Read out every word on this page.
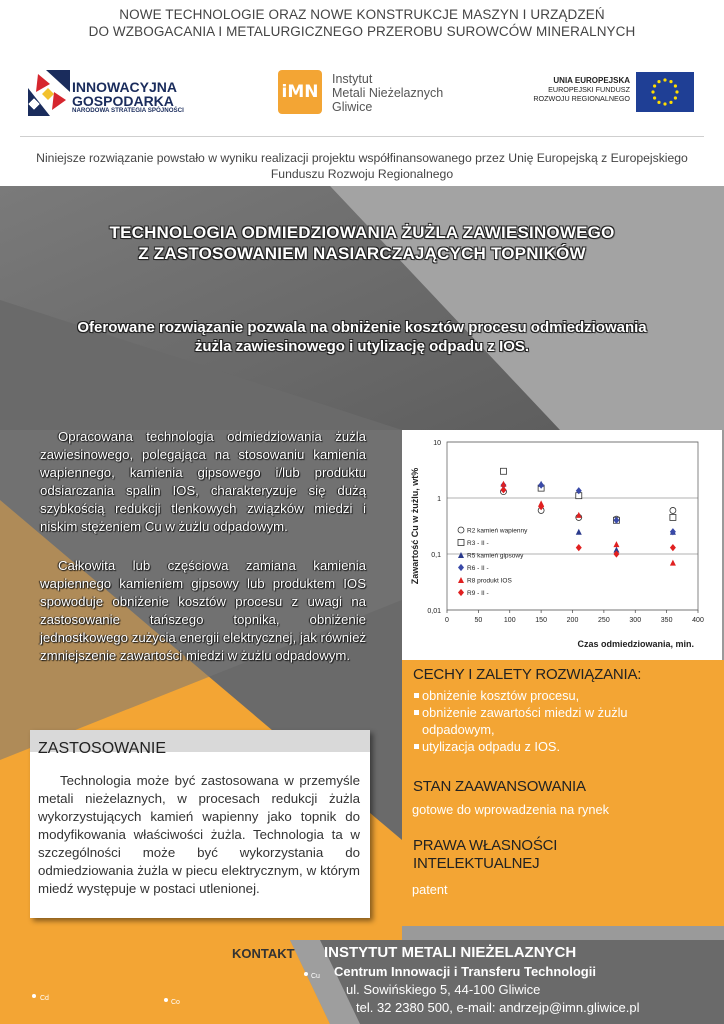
NOWE TECHNOLOGIE ORAZ NOWE KONSTRUKCJE MASZYN I URZĄDZEŃ
DO WZBOGACANIA I METALURGICZNEGO PRZEROBU SUROWCÓW MINERALNYCH
INNOWACYJNA
GOSPODARKA
NARODOWA STRATEGIA SPÓJNOŚCI
iMN
Instytut
Metali Nieżelaznych
Gliwice
UNIA EUROPEJSKA
EUROPEJSKI FUNDUSZ
ROZWOJU REGIONALNEGO
Niniejsze rozwiązanie powstało w wyniku realizacji projektu współfinansowanego przez Unię Europejską z Europejskiego
Funduszu Rozwoju Regionalnego
TECHNOLOGIA ODMIEDZIOWANIA ŻUŻLA ZAWIESINOWEGO
Z ZASTOSOWANIEM NASIARCZAJĄCYCH TOPNIKÓW
Oferowane rozwiązanie pozwala na obniżenie kosztów procesu odmiedziowania
żużla zawiesinowego i utylizację odpadu z IOS.
Opracowana technologia odmiedziowania żużla zawiesinowego, polegająca na stosowaniu kamienia wapiennego, kamienia gipsowego i/lub produktu odsiarczania spalin IOS, charakteryzuje się dużą szybkością redukcji tlenkowych związków miedzi i niskim stężeniem Cu w żużlu odpadowym.
Całkowita lub częściowa zamiana kamienia wapiennego kamieniem gipsowy lub produktem IOS spowoduje obniżenie kosztów procesu z uwagi na zastosowanie tańszego topnika, obniżenie jednostkowego zużycia energii elektrycznej, jak również zmniejszenie zawartości miedzi w żużlu odpadowym.
0,01
0,1
1
10
0	50	100	150	200	250	300	350	400
Czas odmiedziowania, min.
Zawartość Cu w żużlu, wt%	R2 kamień wapienny
R3 - II -
R5 kamień gipsowy
R6 - II -
R8 produkt IOS
R9 - II -
CECHY I ZALETY ROZWIĄZANIA:
obniżenie kosztów procesu,
obniżenie zawartości miedzi w żużlu
odpadowym,
utylizacja odpadu z IOS.
STAN ZAAWANSOWANIA
gotowe do wprowadzenia na rynek
PRAWA WŁASNOŚCI
INTELEKTUALNEJ
patent
ZASTOSOWANIE
Technologia może być zastosowana w przemyśle metali nieżelaznych, w procesach redukcji żużla wykorzystujących kamień wapienny jako topnik do modyfikowania właściwości żużla. Technologia ta w szczególności może być wykorzystania do odmiedziowania żużla w piecu elektrycznym, w którym miedź występuje w postaci utlenionej.
Cd
Co
Cu
KONTAKT INSTYTUT METALI NIEŻELAZNYCH
Centrum Innowacji i Transferu Technologii
ul. Sowińskiego 5, 44-100 Gliwice
tel. 32 2380 500, e-mail: andrzejp@imn.gliwice.pl
